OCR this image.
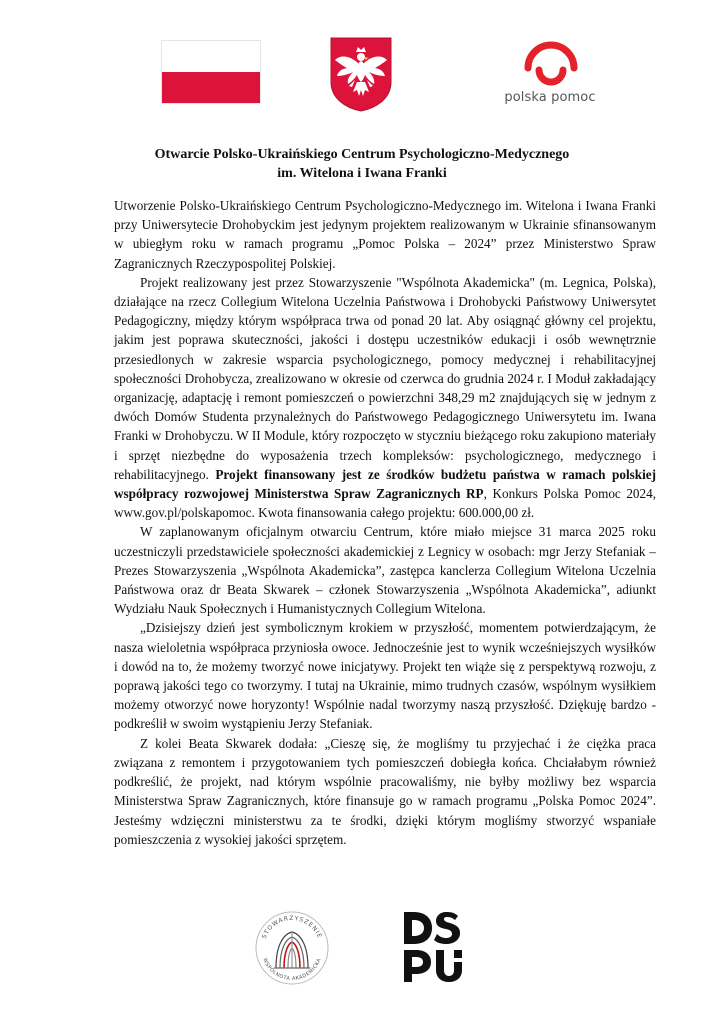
polska pomoc
Otwarcie Polsko-Ukraińskiego Centrum Psychologiczno-Medycznego
im. Witelona i Iwana Franki

Utworzenie Polsko-Ukraińskiego Centrum Psychologiczno-Medycznego im. Witelona i Iwana Franki przy Uniwersytecie Drohobyckim jest jedynym projektem realizowanym w Ukrainie sfinansowanym w ubiegłym roku w ramach programu „Pomoc Polska – 2024” przez Ministerstwo Spraw Zagranicznych Rzeczypospolitej Polskiej.

Projekt realizowany jest przez Stowarzyszenie "Wspólnota Akademicka" (m. Legnica, Polska), działające na rzecz Collegium Witelona Uczelnia Państwowa i Drohobycki Państwowy Uniwersytet Pedagogiczny, między którym współpraca trwa od ponad 20 lat. Aby osiągnąć główny cel projektu, jakim jest poprawa skuteczności, jakości i dostępu uczestników edukacji i osób wewnętrznie przesiedlonych w zakresie wsparcia psychologicznego, pomocy medycznej i rehabilitacyjnej społeczności Drohobycza, zrealizowano w okresie od czerwca do grudnia 2024 r. I Moduł zakładający organizację, adaptację i remont pomieszczeń o powierzchni 348,29 m2 znajdujących się w jednym z dwóch Domów Studenta przynależnych do Państwowego Pedagogicznego Uniwersytetu im. Iwana Franki w Drohobyczu. W II Module, który rozpoczęto w styczniu bieżącego roku zakupiono materiały i sprzęt niezbędne do wyposażenia trzech kompleksów: psychologicznego, medycznego i rehabilitacyjnego. Projekt finansowany jest ze środków budżetu państwa w ramach polskiej współpracy rozwojowej Ministerstwa Spraw Zagranicznych RP, Konkurs Polska Pomoc 2024, www.gov.pl/polskapomoc. Kwota finansowania całego projektu: 600.000,00 zł.

W zaplanowanym oficjalnym otwarciu Centrum, które miało miejsce 31 marca 2025 roku uczestniczyli przedstawiciele społeczności akademickiej z Legnicy w osobach: mgr Jerzy Stefaniak – Prezes Stowarzyszenia „Wspólnota Akademicka”, zastępca kanclerza Collegium Witelona Uczelnia Państwowa oraz dr Beata Skwarek – członek Stowarzyszenia „Wspólnota Akademicka”, adiunkt Wydziału Nauk Społecznych i Humanistycznych Collegium Witelona.

„Dzisiejszy dzień jest symbolicznym krokiem w przyszłość, momentem potwierdzającym, że nasza wieloletnia współpraca przyniosła owoce. Jednocześnie jest to wynik wcześniejszych wysiłków i dowód na to, że możemy tworzyć nowe inicjatywy. Projekt ten wiąże się z perspektywą rozwoju, z poprawą jakości tego co tworzymy. I tutaj na Ukrainie, mimo trudnych czasów, wspólnym wysiłkiem możemy otworzyć nowe horyzonty! Wspólnie nadal tworzymy naszą przyszłość. Dziękuję bardzo - podkreślił w swoim wystąpieniu Jerzy Stefaniak.

Z kolei Beata Skwarek dodała: „Cieszę się, że mogliśmy tu przyjechać i że ciężka praca związana z remontem i przygotowaniem tych pomieszczeń dobiegła końca. Chciałabym również podkreślić, że projekt, nad którym wspólnie pracowaliśmy, nie byłby możliwy bez wsparcia Ministerstwa Spraw Zagranicznych, które finansuje go w ramach programu „Polska Pomoc 2024”. Jesteśmy wdzięczni ministerstwu za te środki, dzięki którym mogliśmy stworzyć wspaniałe pomieszczenia z wysokiej jakości sprzętem.

STOWARZYSZENIE
WSPÓLNOTA AKADEMICKA
